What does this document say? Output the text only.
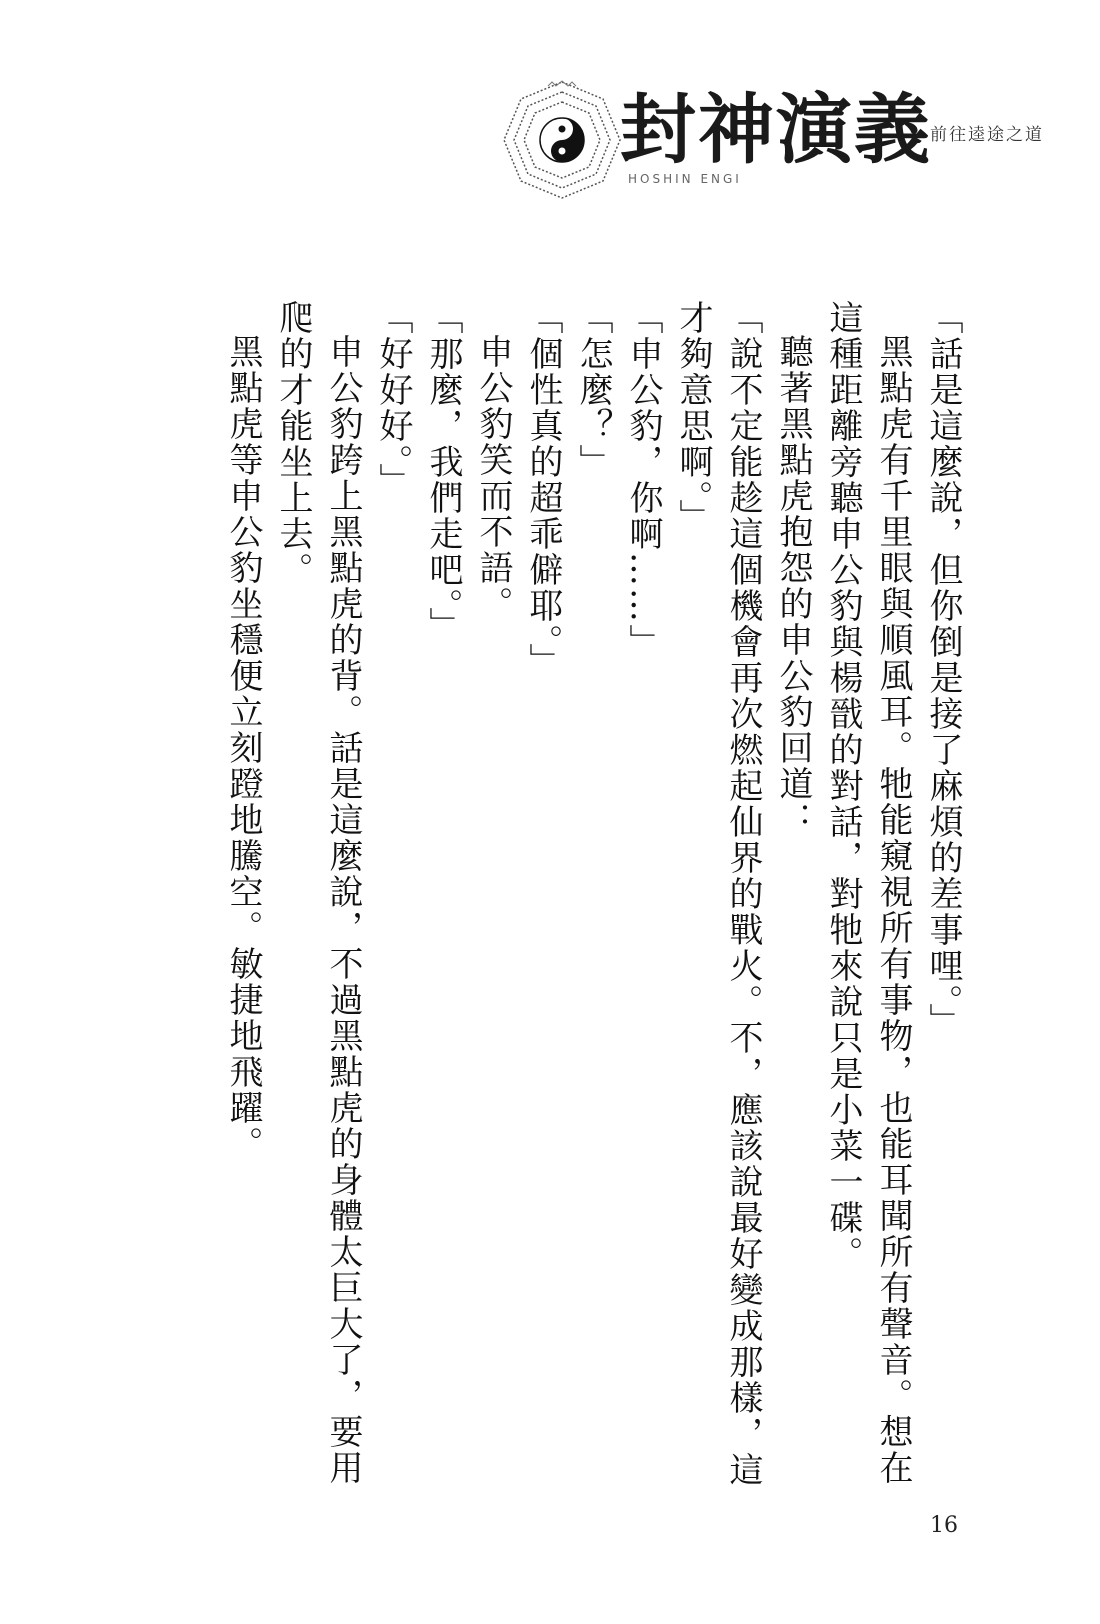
封神演義
HOSHIN ENGI
前往逵途之道

「話是這麼說，但你倒是接了麻煩的差事哩。」

黑點虎有千里眼與順風耳。牠能窺視所有事物，也能耳聞所有聲音。想在這種距離旁聽申公豹與楊戩的對話，對牠來說只是小菜一碟。

聽著黑點虎抱怨的申公豹回道：

「說不定能趁這個機會再次燃起仙界的戰火。不，應該說最好變成那樣，這才夠意思啊。」

「申公豹，你啊……」

「怎麼？」

「個性真的超乖僻耶。」

申公豹笑而不語。

「那麼，我們走吧。」

「好好好。」

申公豹跨上黑點虎的背。話是這麼說，不過黑點虎的身體太巨大了，要用爬的才能坐上去。

黑點虎等申公豹坐穩便立刻蹬地騰空。敏捷地飛躍。

16
